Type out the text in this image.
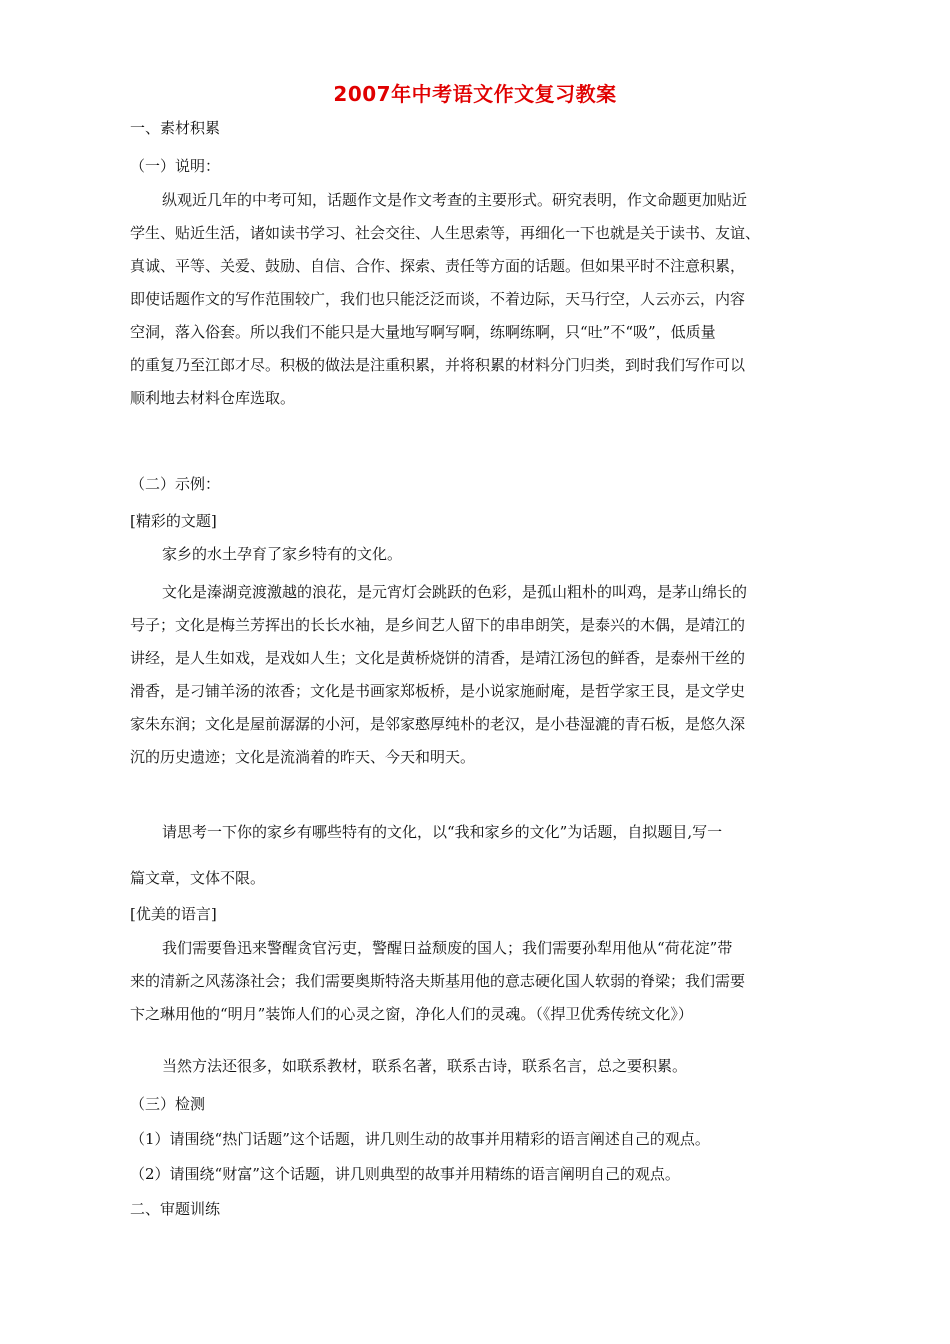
2007年中考语文作文复习教案
一、素材积累
（一）说明：
纵观近几年的中考可知，话题作文是作文考查的主要形式。研究表明，作文命题更加贴近
学生、贴近生活，诸如读书学习、社会交往、人生思索等，再细化一下也就是关于读书、友谊、
真诚、平等、关爱、鼓励、自信、合作、探索、责任等方面的话题。但如果平时不注意积累，
即使话题作文的写作范围较广，我们也只能泛泛而谈，不着边际，天马行空，人云亦云，内容
空洞，落入俗套。所以我们不能只是大量地写啊写啊，练啊练啊，只“吐”不“吸”，低质量
的重复乃至江郎才尽。积极的做法是注重积累，并将积累的材料分门归类，到时我们写作可以
顺利地去材料仓库选取。
（二）示例：
[精彩的文题]
家乡的水土孕育了家乡特有的文化。
文化是溱湖竞渡激越的浪花，是元宵灯会跳跃的色彩，是孤山粗朴的叫鸡，是茅山绵长的
号子；文化是梅兰芳挥出的长长水袖，是乡间艺人留下的串串朗笑，是泰兴的木偶，是靖江的
讲经，是人生如戏，是戏如人生；文化是黄桥烧饼的清香，是靖江汤包的鲜香，是泰州干丝的
滑香，是刁铺羊汤的浓香；文化是书画家郑板桥，是小说家施耐庵，是哲学家王艮，是文学史
家朱东润；文化是屋前潺潺的小河，是邻家憨厚纯朴的老汉，是小巷湿漉的青石板，是悠久深
沉的历史遗迹；文化是流淌着的昨天、今天和明天。
请思考一下你的家乡有哪些特有的文化，以“我和家乡的文化”为话题，自拟题目,写一
篇文章，文体不限。
[优美的语言]
我们需要鲁迅来警醒贪官污吏，警醒日益颓废的国人；我们需要孙犁用他从“荷花淀”带
来的清新之风荡涤社会；我们需要奥斯特洛夫斯基用他的意志硬化国人软弱的脊梁；我们需要
卞之琳用他的“明月”装饰人们的心灵之窗，净化人们的灵魂。（《捍卫优秀传统文化》）
当然方法还很多，如联系教材，联系名著，联系古诗，联系名言，总之要积累。
（三）检测
（1）请围绕“热门话题”这个话题，讲几则生动的故事并用精彩的语言阐述自己的观点。
（2）请围绕“财富”这个话题，讲几则典型的故事并用精练的语言阐明自己的观点。
二、审题训练
